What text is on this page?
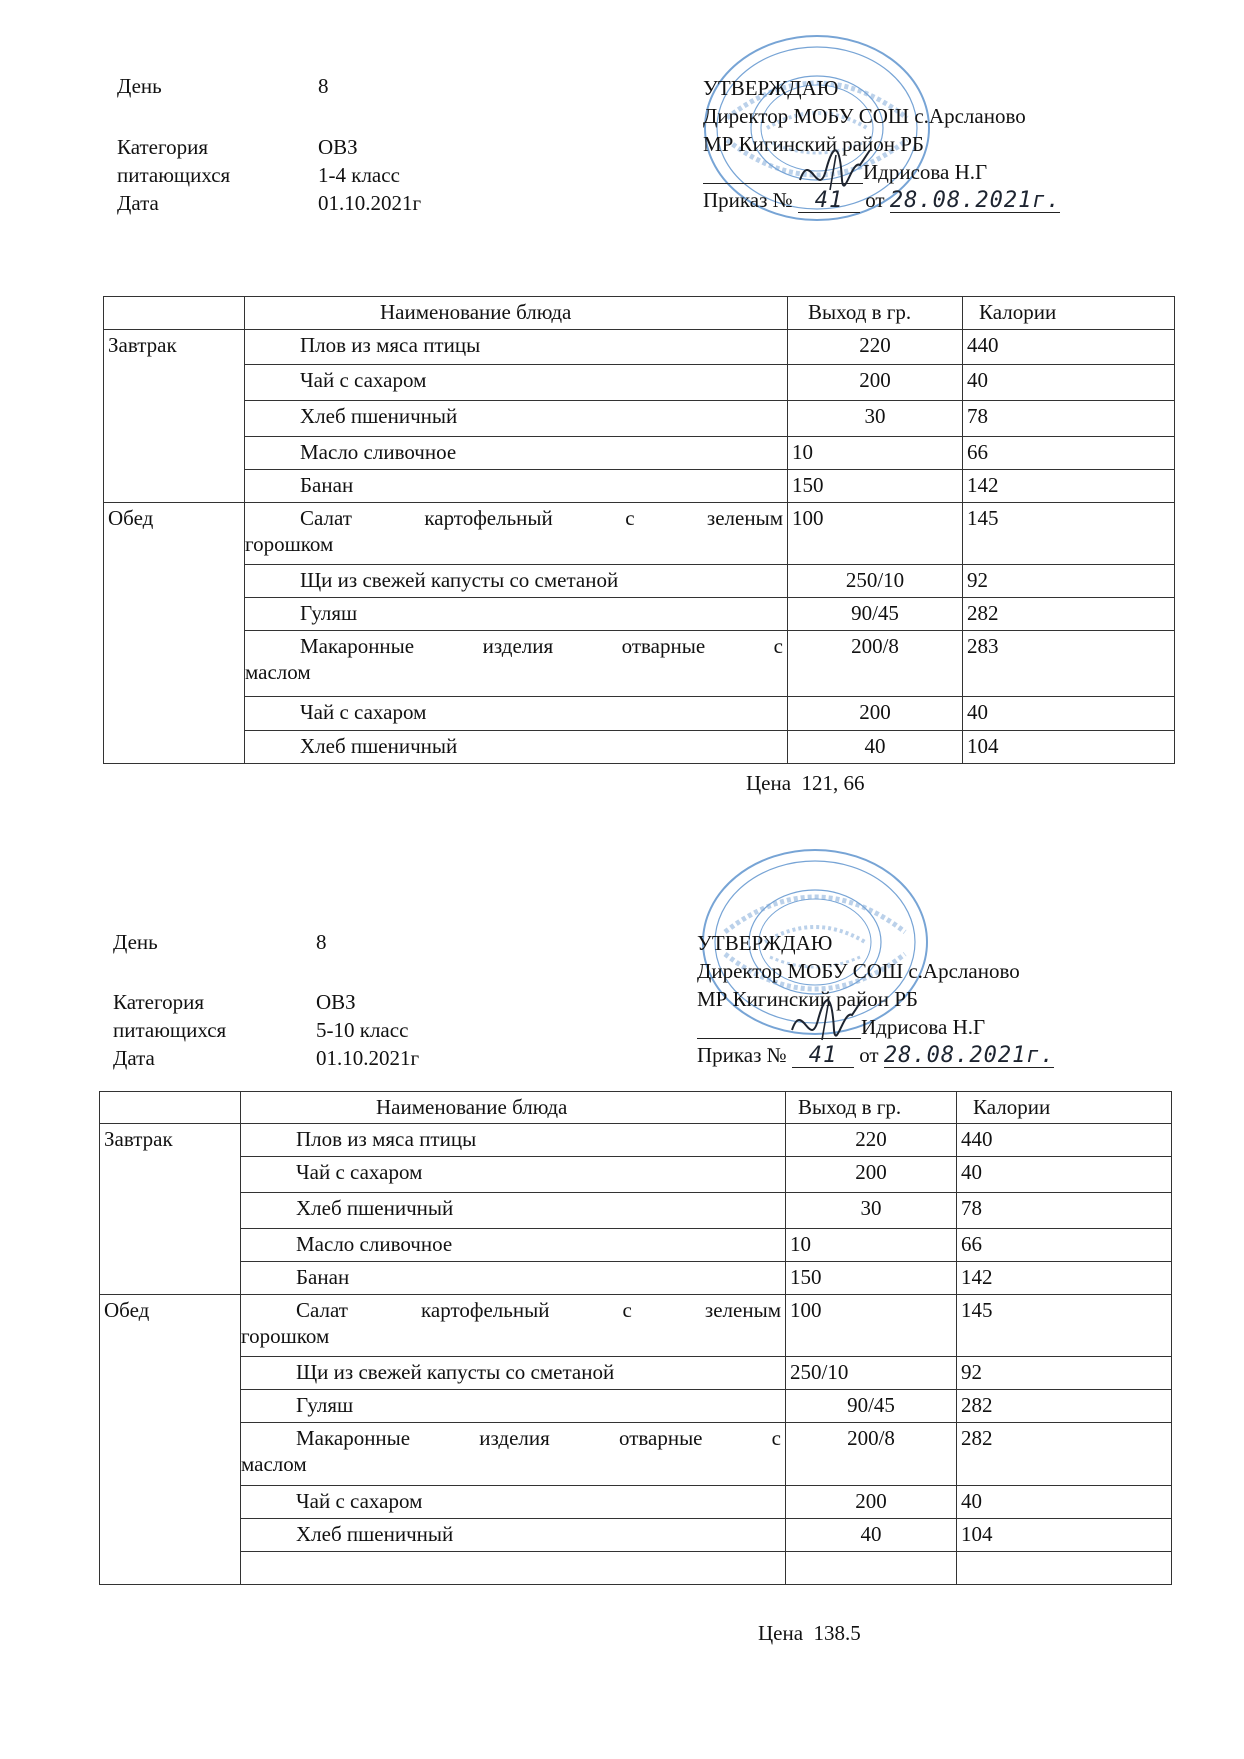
День	8
Категория
питающихся
ОВЗ
1-4 класс
Дата	01.10.2021г
УТВЕРЖДАЮ
Директор МОБУ СОШ с.Арсланово
МР Кигинский район РБ
Идрисова Н.Г
Приказ № 41 от 28.08.2021г.
	Наименование блюда	Выход в гр.	Калории
Завтрак	Плов из мяса птицы	220	440
	Чай с сахаром	200	40
	Хлеб пшеничный	30	78
	Масло сливочное	10	66
	Банан	150	142
Обед	Салат картофельный с зеленым
горошком	100	145
	Щи из свежей капусты со сметаной	250/10	92
	Гуляш	90/45	282

	Макаронные изделия отварные с
маслом	200/8	283
	Чай с сахаром	200	40
	Хлеб пшеничный	40	104
Цена 121, 66
День	8
Категория
питающихся
ОВЗ
5-10 класс
Дата	01.10.2021г
УТВЕРЖДАЮ
Директор МОБУ СОШ с.Арсланово
МР Кигинский район РБ
Идрисова Н.Г
Приказ № 41 от 28.08.2021г.
	Наименование блюда	Выход в гр.	Калории
Завтрак	Плов из мяса птицы	220	440
	Чай с сахаром	200	40
	Хлеб пшеничный	30	78
	Масло сливочное	10	66
	Банан	150	142
Обед	Салат картофельный с зеленым
горошком	100	145
	Щи из свежей капусты со сметаной	250/10	92
	Гуляш	90/45	282

	Макаронные изделия отварные с
маслом	200/8	282
	Чай с сахаром	200	40
	Хлеб пшеничный	40	104

Цена 138.5
